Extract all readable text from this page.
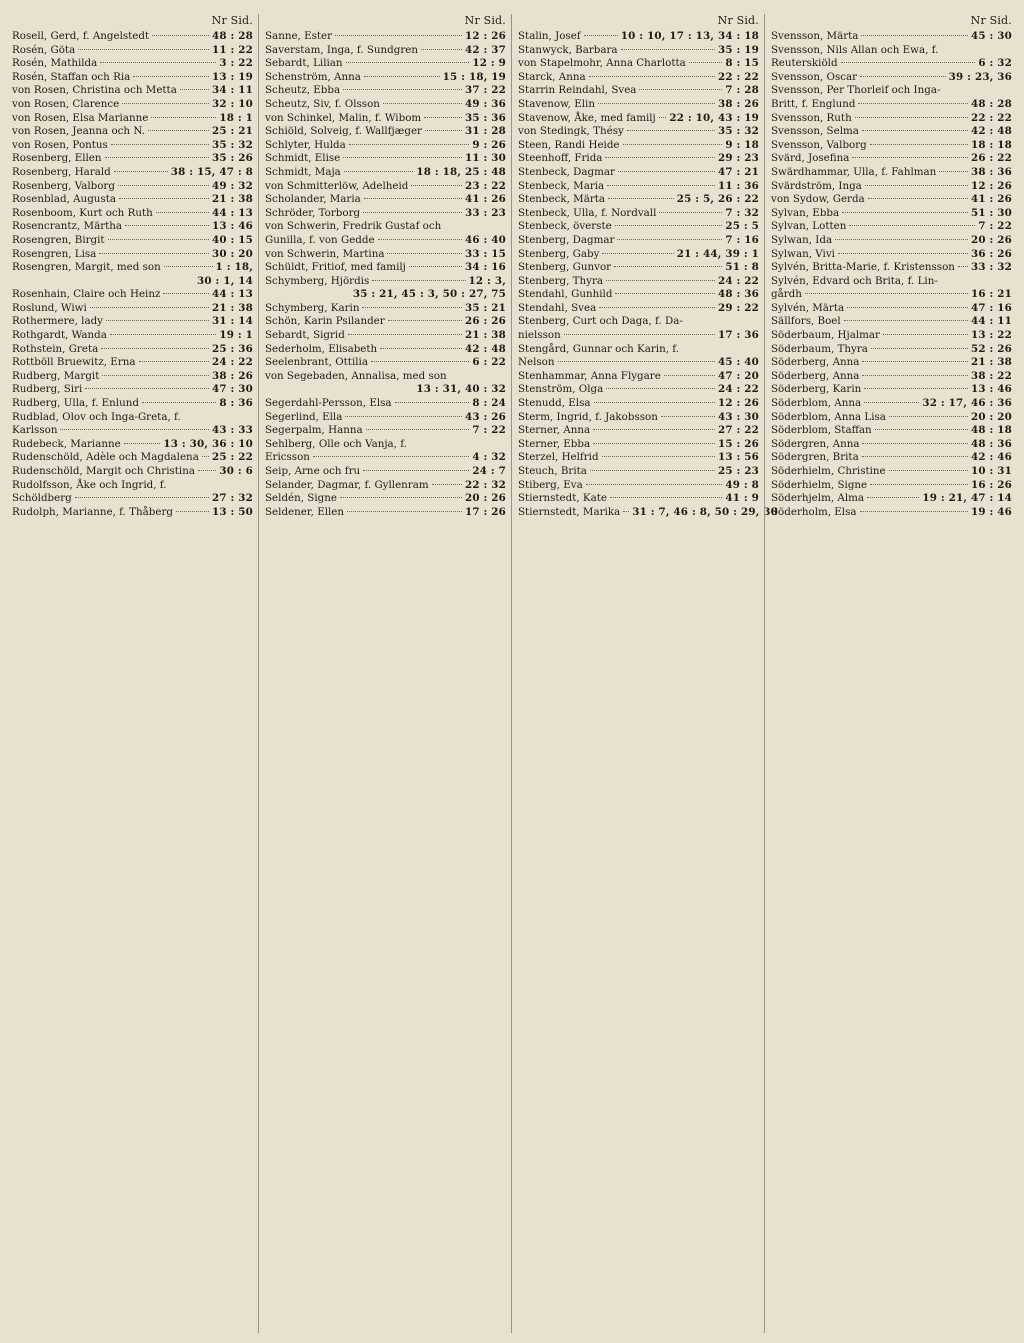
Nr Sid.
Rosell, Gerd, f. Angelstedt	48 : 28
Rosén, Göta	11 : 22
Rosén, Mathilda	3 : 22
Rosén, Staffan och Ria	13 : 19
von Rosen, Christina och Metta	34 : 11
von Rosen, Clarence	32 : 10
von Rosen, Elsa Marianne	18 : 1
von Rosen, Jeanna och N.	25 : 21
von Rosen, Pontus	35 : 32
Rosenberg, Ellen	35 : 26
Rosenberg, Harald	38 : 15, 47 : 8
Rosenberg, Valborg	49 : 32
Rosenblad, Augusta	21 : 38
Rosenboom, Kurt och Ruth	44 : 13
Rosencrantz, Märtha	13 : 46
Rosengren, Birgit	40 : 15
Rosengren, Lisa	30 : 20
Rosengren, Margit, med son	1 : 18,
30 : 1, 14
Rosenhain, Claire och Heinz	44 : 13
Roslund, Wiwi	21 : 38
Rothermere, lady	31 : 14
Rothgardt, Wanda	19 : 1
Rothstein, Greta	25 : 36
Rottböll Bruewitz, Erna	24 : 22
Rudberg, Margit	38 : 26
Rudberg, Siri	47 : 30
Rudberg, Ulla, f. Enlund	8 : 36
Rudblad, Olov och Inga-Greta, f.
Karlsson	43 : 33
Rudebeck, Marianne	13 : 30, 36 : 10
Rudenschöld, Adèle och Magdalena 25 : 22
Rudenschöld, Margit och Christina 30 : 6
Rudolfsson, Åke och Ingrid, f.
Schöldberg	27 : 32
Rudolph, Marianne, f. Thåberg	13 : 50
Nr Sid.
Sanne, Ester	12 : 26
Saverstam, Inga, f. Sundgren	42 : 37
Sebardt, Lilian	12 : 9
Schenström, Anna	15 : 18, 19
Scheutz, Ebba	37 : 22
Scheutz, Siv, f. Olsson	49 : 36
von Schinkel, Malin, f. Wibom	35 : 36
Schiöld, Solveig, f. Wallfjæger	31 : 28
Schlyter, Hulda	9 : 26
Schmidt, Elise	11 : 30
Schmidt, Maja	18 : 18, 25 : 48
von Schmitterlöw, Adelheid	23 : 22
Scholander, Maria	41 : 26
Schröder, Torborg	33 : 23
von Schwerin, Fredrik Gustaf och
Gunilla, f. von Gedde	46 : 40
von Schwerin, Martina	33 : 15
Schüldt, Fritiof, med familj	34 : 16
Schymberg, Hjördis	12 : 3,
35 : 21, 45 : 3, 50 : 27, 75
Schymberg, Karin	35 : 21
Schön, Karin Psilander	26 : 26
Sebardt, Sigrid	21 : 38
Sederholm, Elisabeth	42 : 48
Seelenbrant, Ottilia	6 : 22
von Segebaden, Annalisa, med son
13 : 31, 40 : 32
Segerdahl-Persson, Elsa	8 : 24
Segerlind, Ella	43 : 26
Segerpalm, Hanna	7 : 22
Sehlberg, Olle och Vanja, f.
Ericsson	4 : 32
Seip, Arne och fru	24 : 7
Selander, Dagmar, f. Gyllenram	22 : 32
Seldén, Signe	20 : 26
Seldener, Ellen	17 : 26
Nr Sid.
Stalin, Josef	10 : 10, 17 : 13, 34 : 18
Stanwyck, Barbara	35 : 19
von Stapelmohr, Anna Charlotta	8 : 15
Starck, Anna	22 : 22
Starrin Reindahl, Svea	7 : 28
Stavenow, Elin	38 : 26
Stavenow, Åke, med familj 22 : 10, 43 : 19
von Stedingk, Thésy	35 : 32
Steen, Randi Heide	9 : 18
Steenhoff, Frida	29 : 23
Stenbeck, Dagmar	47 : 21
Stenbeck, Maria	11 : 36
Stenbeck, Märta	25 : 5, 26 : 22
Stenbeck, Ulla, f. Nordvall	7 : 32
Stenbeck, överste	25 : 5
Stenberg, Dagmar	7 : 16
Stenberg, Gaby	21 : 44, 39 : 1
Stenberg, Gunvor	51 : 8
Stenberg, Thyra	24 : 22
Stendahl, Gunhild	48 : 36
Stendahl, Svea	29 : 22
Stenberg, Curt och Daga, f. Da-
nielsson	17 : 36
Stengård, Gunnar och Karin, f.
Nelson	45 : 40
Stenhammar, Anna Flygare	47 : 20
Stenström, Olga	24 : 22
Stenudd, Elsa	12 : 26
Sterm, Ingrid, f. Jakobsson	43 : 30
Sterner, Anna	27 : 22
Sterner, Ebba	15 : 26
Sterzel, Helfrid	13 : 56
Steuch, Brita	25 : 23
Stiberg, Eva	49 : 8
Stiernstedt, Kate	41 : 9
Stiernstedt, Marika 31 : 7, 46 : 8, 50 : 29, 30
Nr Sid.
Svensson, Märta	45 : 30
Svensson, Nils Allan och Ewa, f.
Reuterskiöld	6 : 32
Svensson, Oscar	39 : 23, 36
Svensson, Per Thorleif och Inga-
Britt, f. Englund	48 : 28
Svensson, Ruth	22 : 22
Svensson, Selma	42 : 48
Svensson, Valborg	18 : 18
Svärd, Josefina	26 : 22
Swärdhammar, Ulla, f. Fahlman	38 : 36
Svärdström, Inga	12 : 26
von Sydow, Gerda	41 : 26
Sylvan, Ebba	51 : 30
Sylvan, Lotten	7 : 22
Sylwan, Ida	20 : 26
Sylwan, Vivi	36 : 26
Sylvén, Britta-Marie, f. Kristensson 33 : 32
Sylvén, Edvard och Brita, f. Lin-
gårdh	16 : 21
Sylvén, Märta	47 : 16
Sällfors, Boel	44 : 11
Söderbaum, Hjalmar	13 : 22
Söderbaum, Thyra	52 : 26
Söderberg, Anna	21 : 38
Söderberg, Anna	38 : 22
Söderberg, Karin	13 : 46
Söderblom, Anna	32 : 17, 46 : 36
Söderblom, Anna Lisa	20 : 20
Söderblom, Staffan	48 : 18
Södergren, Anna	48 : 36
Södergren, Brita	42 : 46
Söderhielm, Christine	10 : 31
Söderhielm, Signe	16 : 26
Söderhjelm, Alma	19 : 21, 47 : 14
Söderholm, Elsa	19 : 46
